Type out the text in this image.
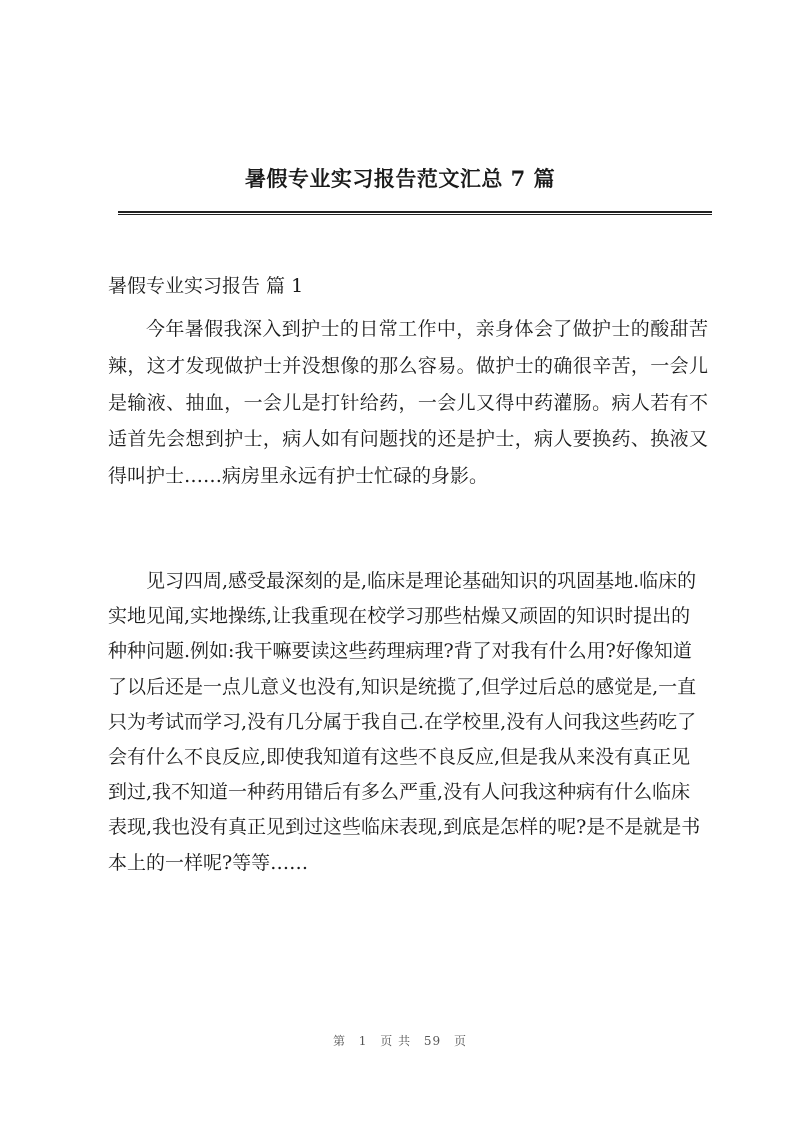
暑假专业实习报告范文汇总 7 篇
暑假专业实习报告 篇 1

今年暑假我深入到护士的日常工作中，亲身体会了做护士的酸甜苦辣，这才发现做护士并没想像的那么容易。做护士的确很辛苦，一会儿是输液、抽血，一会儿是打针给药，一会儿又得中药灌肠。病人若有不适首先会想到护士，病人如有问题找的还是护士，病人要换药、换液又得叫护士……病房里永远有护士忙碌的身影。

见习四周,感受最深刻的是,临床是理论基础知识的巩固基地.临床的实地见闻,实地操练,让我重现在校学习那些枯燥又顽固的知识时提出的种种问题.例如:我干嘛要读这些药理病理?背了对我有什么用?好像知道了以后还是一点儿意义也没有,知识是统揽了,但学过后总的感觉是,一直只为考试而学习,没有几分属于我自己.在学校里,没有人问我这些药吃了会有什么不良反应,即使我知道有这些不良反应,但是我从来没有真正见到过,我不知道一种药用错后有多么严重,没有人问我这种病有什么临床表现,我也没有真正见到过这些临床表现,到底是怎样的呢?是不是就是书本上的一样呢?等等……

第 1 页 共 59 页
